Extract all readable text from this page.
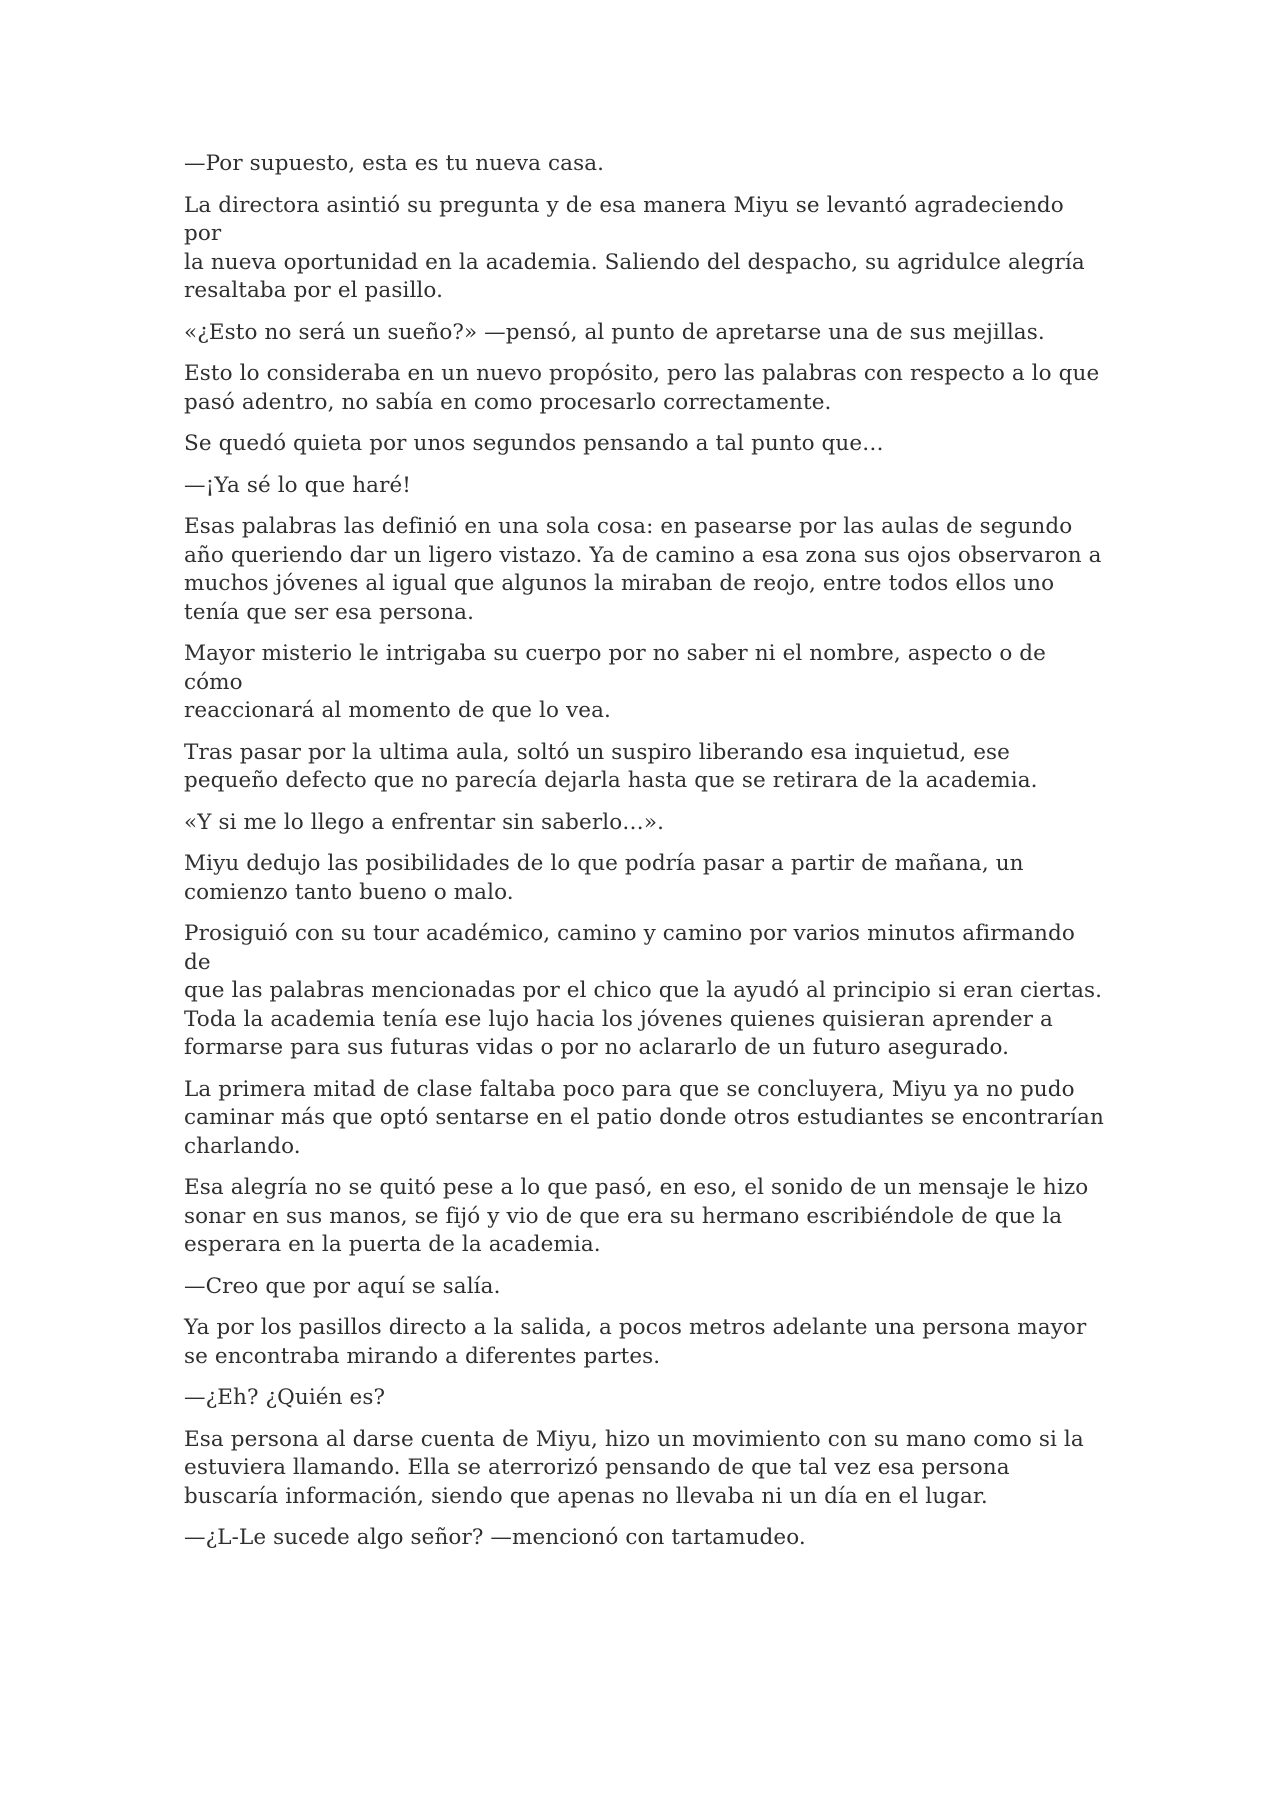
—Por supuesto, esta es tu nueva casa.

La directora asintió su pregunta y de esa manera Miyu se levantó agradeciendo por
la nueva oportunidad en la academia. Saliendo del despacho, su agridulce alegría
resaltaba por el pasillo.

«¿Esto no será un sueño?» —pensó, al punto de apretarse una de sus mejillas.

Esto lo consideraba en un nuevo propósito, pero las palabras con respecto a lo que
pasó adentro, no sabía en como procesarlo correctamente.

Se quedó quieta por unos segundos pensando a tal punto que…

—¡Ya sé lo que haré!

Esas palabras las definió en una sola cosa: en pasearse por las aulas de segundo
año queriendo dar un ligero vistazo. Ya de camino a esa zona sus ojos observaron a
muchos jóvenes al igual que algunos la miraban de reojo, entre todos ellos uno
tenía que ser esa persona.

Mayor misterio le intrigaba su cuerpo por no saber ni el nombre, aspecto o de cómo
reaccionará al momento de que lo vea.

Tras pasar por la ultima aula, soltó un suspiro liberando esa inquietud, ese
pequeño defecto que no parecía dejarla hasta que se retirara de la academia.

«Y si me lo llego a enfrentar sin saberlo…».

Miyu dedujo las posibilidades de lo que podría pasar a partir de mañana, un
comienzo tanto bueno o malo.

Prosiguió con su tour académico, camino y camino por varios minutos afirmando de
que las palabras mencionadas por el chico que la ayudó al principio si eran ciertas.
Toda la academia tenía ese lujo hacia los jóvenes quienes quisieran aprender a
formarse para sus futuras vidas o por no aclararlo de un futuro asegurado.

La primera mitad de clase faltaba poco para que se concluyera, Miyu ya no pudo
caminar más que optó sentarse en el patio donde otros estudiantes se encontrarían
charlando.

Esa alegría no se quitó pese a lo que pasó, en eso, el sonido de un mensaje le hizo
sonar en sus manos, se fijó y vio de que era su hermano escribiéndole de que la
esperara en la puerta de la academia.

—Creo que por aquí se salía.

Ya por los pasillos directo a la salida, a pocos metros adelante una persona mayor
se encontraba mirando a diferentes partes.

—¿Eh? ¿Quién es?

Esa persona al darse cuenta de Miyu, hizo un movimiento con su mano como si la
estuviera llamando. Ella se aterrorizó pensando de que tal vez esa persona
buscaría información, siendo que apenas no llevaba ni un día en el lugar.

—¿L-Le sucede algo señor? —mencionó con tartamudeo.
